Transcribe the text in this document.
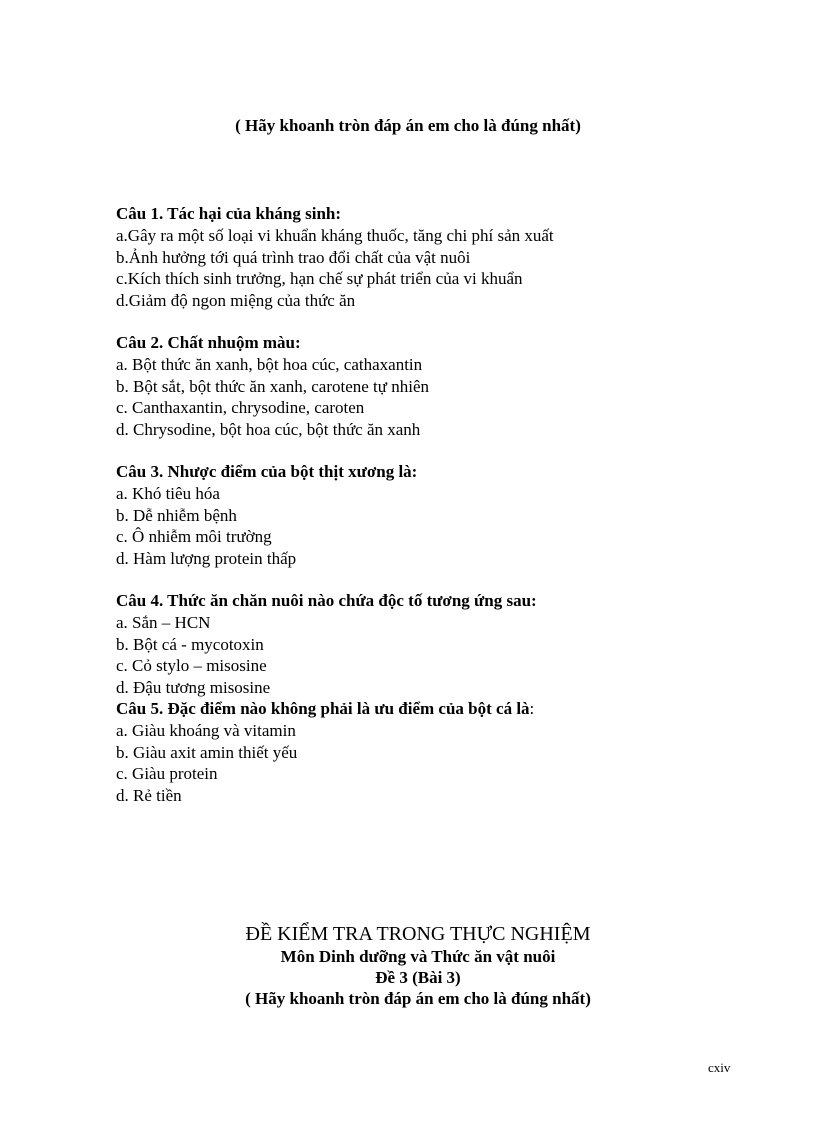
( Hãy khoanh tròn đáp án em cho là đúng nhất)
Câu 1. Tác hại của kháng sinh:
a.Gây ra một số loại vi khuẩn kháng thuốc, tăng chi phí sản xuất
b.Ảnh hưởng tới quá trình trao đổi chất của vật nuôi
c.Kích thích sinh trưởng, hạn chế sự phát triển của vi khuẩn
d.Giảm độ ngon miệng của thức ăn
Câu 2. Chất nhuộm màu:
a. Bột thức ăn xanh, bột hoa cúc, cathaxantin
b. Bột sắt, bột thức ăn xanh, carotene tự nhiên
c. Canthaxantin, chrysodine, caroten
d. Chrysodine, bột hoa cúc, bột thức ăn xanh
Câu 3. Nhược điểm của bột thịt xương là:
a. Khó tiêu hóa
b. Dễ nhiễm bệnh
c. Ô nhiễm môi trường
d. Hàm lượng protein thấp
Câu 4. Thức ăn chăn nuôi nào chứa độc tố tương ứng sau:
a. Sắn – HCN
b. Bột cá - mycotoxin
c. Cỏ stylo – misosine
d. Đậu tương misosine
Câu 5. Đặc điểm nào không phải là ưu điểm của bột cá là:
a. Giàu khoáng và vitamin
b. Giàu axit amin thiết yếu
c. Giàu protein
d. Rẻ tiền
ĐỀ KIỂM TRA TRONG THỰC NGHIỆM
Môn Dinh dưỡng và Thức ăn vật nuôi
Đề 3 (Bài 3)
( Hãy khoanh tròn đáp án em cho là đúng nhất)
cxiv
